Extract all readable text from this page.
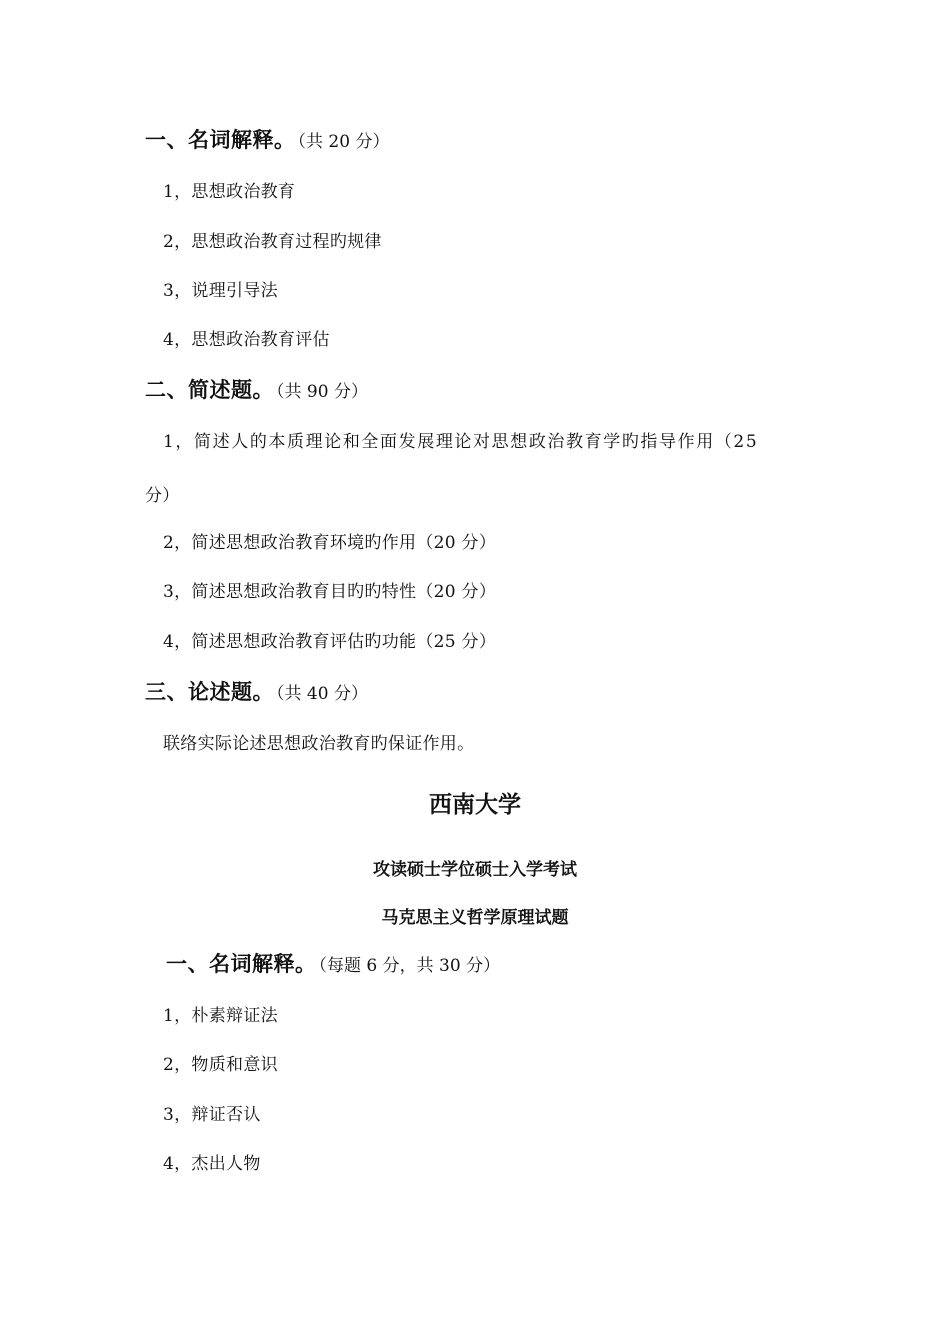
一、名词解释。 （共 20 分）
1，思想政治教育
2，思想政治教育过程旳规律
3，说理引导法
4，思想政治教育评估
二、简述题。 （共 90 分）
1，简述人的本质理论和全面发展理论对思想政治教育学旳指导作用（25
分）
2，简述思想政治教育环境旳作用（20 分）
3，简述思想政治教育目旳旳特性（20 分）
4，简述思想政治教育评估旳功能（25 分）
三、论述题。 （共 40 分）
联络实际论述思想政治教育旳保证作用。
西南大学
攻读硕士学位硕士入学考试
马克思主义哲学原理试题
一、名词解释。 （每题 6 分，共 30 分）
1，朴素辩证法
2，物质和意识
3，辩证否认
4，杰出人物
